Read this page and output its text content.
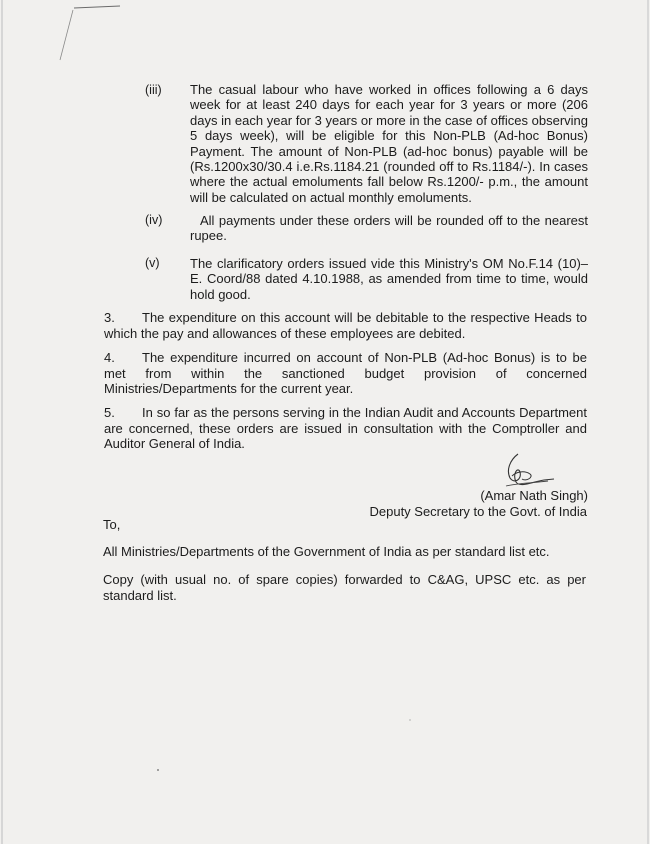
(iii) The casual labour who have worked in offices following a 6 days week for at least 240 days for each year for 3 years or more (206 days in each year for 3 years or more in the case of offices observing 5 days week), will be eligible for this Non-PLB (Ad-hoc Bonus) Payment. The amount of Non-PLB (ad-hoc bonus) payable will be (Rs.1200x30/30.4 i.e.Rs.1184.21 (rounded off to Rs.1184/-). In cases where the actual emoluments fall below Rs.1200/- p.m., the amount will be calculated on actual monthly emoluments.
(iv)	All payments under these orders will be rounded off to the nearest rupee.
(v) The clarificatory orders issued vide this Ministry's OM No.F.14 (10)–E. Coord/88 dated 4.10.1988, as amended from time to time, would hold good.
3. The expenditure on this account will be debitable to the respective Heads to which the pay and allowances of these employees are debited.
4. The expenditure incurred on account of Non-PLB (Ad-hoc Bonus) is to be met from within the sanctioned budget provision of concerned Ministries/Departments for the current year.
5. In so far as the persons serving in the Indian Audit and Accounts Department are concerned, these orders are issued in consultation with the Comptroller and Auditor General of India.
(Amar Nath Singh)
Deputy Secretary to the Govt. of India
To,
All Ministries/Departments of the Government of India as per standard list etc.
Copy (with usual no. of spare copies) forwarded to C&AG, UPSC etc. as per standard list.
